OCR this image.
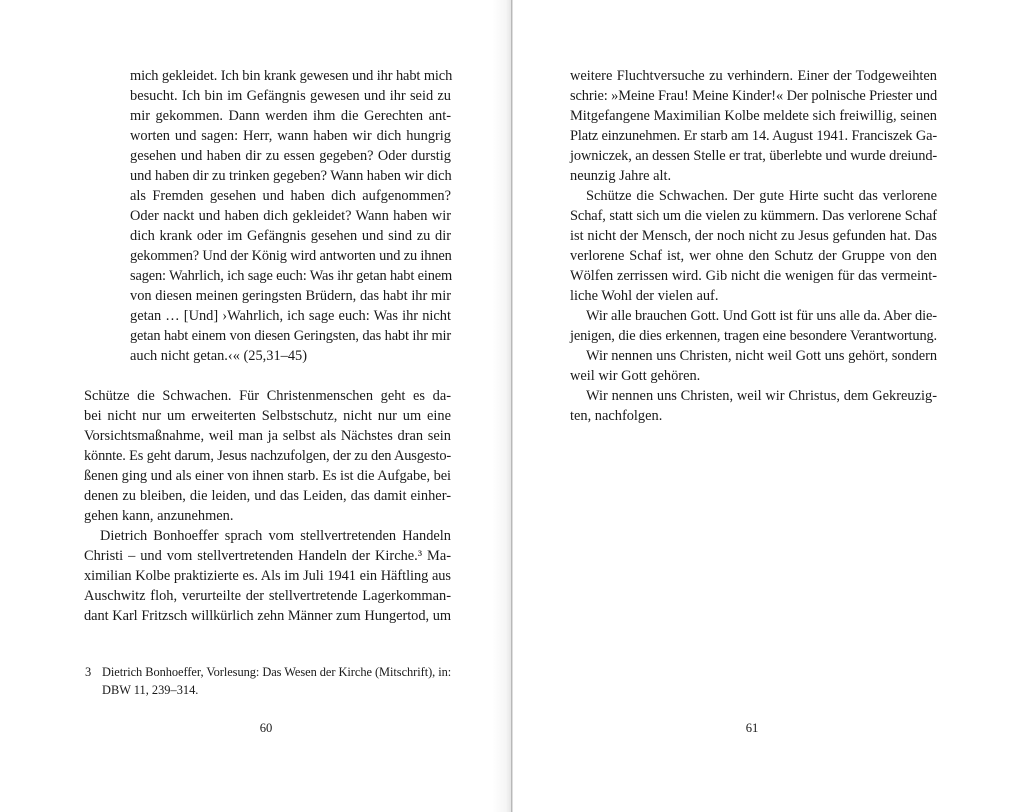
mich gekleidet. Ich bin krank gewesen und ihr habt mich

besucht. Ich bin im Gefängnis gewesen und ihr seid zu

mir gekommen. Dann werden ihm die Gerechten ant-

worten und sagen: Herr, wann haben wir dich hungrig

gesehen und haben dir zu essen gegeben? Oder durstig

und haben dir zu trinken gegeben? Wann haben wir dich

als Fremden gesehen und haben dich aufgenommen?

Oder nackt und haben dich gekleidet? Wann haben wir

dich krank oder im Gefängnis gesehen und sind zu dir

gekommen? Und der König wird antworten und zu ihnen

sagen: Wahrlich, ich sage euch: Was ihr getan habt einem

von diesen meinen geringsten Brüdern, das habt ihr mir

getan … [Und] ›Wahrlich, ich sage euch: Was ihr nicht

getan habt einem von diesen Geringsten, das habt ihr mir

auch nicht getan.‹« (25,31–45)

Schütze die Schwachen. Für Christenmenschen geht es da-

bei nicht nur um erweiterten Selbstschutz, nicht nur um eine

Vorsichtsmaßnahme, weil man ja selbst als Nächstes dran sein

könnte. Es geht darum, Jesus nachzufolgen, der zu den Ausgesto-

ßenen ging und als einer von ihnen starb. Es ist die Aufgabe, bei

denen zu bleiben, die leiden, und das Leiden, das damit einher-

gehen kann, anzunehmen.

Dietrich Bonhoeffer sprach vom stellvertretenden Handeln

Christi – und vom stellvertretenden Handeln der Kirche.³ Ma-

ximilian Kolbe praktizierte es. Als im Juli 1941 ein Häftling aus

Auschwitz floh, verurteilte der stellvertretende Lagerkomman-

dant Karl Fritzsch willkürlich zehn Männer zum Hungertod, um

3 Dietrich Bonhoeffer, Vorlesung: Das Wesen der Kirche (Mitschrift), in:

DBW 11, 239–314.

60

weitere Fluchtversuche zu verhindern. Einer der Todgeweihten

schrie: »Meine Frau! Meine Kinder!« Der polnische Priester und

Mitgefangene Maximilian Kolbe meldete sich freiwillig, seinen

Platz einzunehmen. Er starb am 14. August 1941. Franciszek Ga-

jowniczek, an dessen Stelle er trat, überlebte und wurde dreiund-

neunzig Jahre alt.

Schütze die Schwachen. Der gute Hirte sucht das verlorene

Schaf, statt sich um die vielen zu kümmern. Das verlorene Schaf

ist nicht der Mensch, der noch nicht zu Jesus gefunden hat. Das

verlorene Schaf ist, wer ohne den Schutz der Gruppe von den

Wölfen zerrissen wird. Gib nicht die wenigen für das vermeint-

liche Wohl der vielen auf.

Wir alle brauchen Gott. Und Gott ist für uns alle da. Aber die-

jenigen, die dies erkennen, tragen eine besondere Verantwortung.

Wir nennen uns Christen, nicht weil Gott uns gehört, sondern

weil wir Gott gehören.

Wir nennen uns Christen, weil wir Christus, dem Gekreuzig-

ten, nachfolgen.

61
